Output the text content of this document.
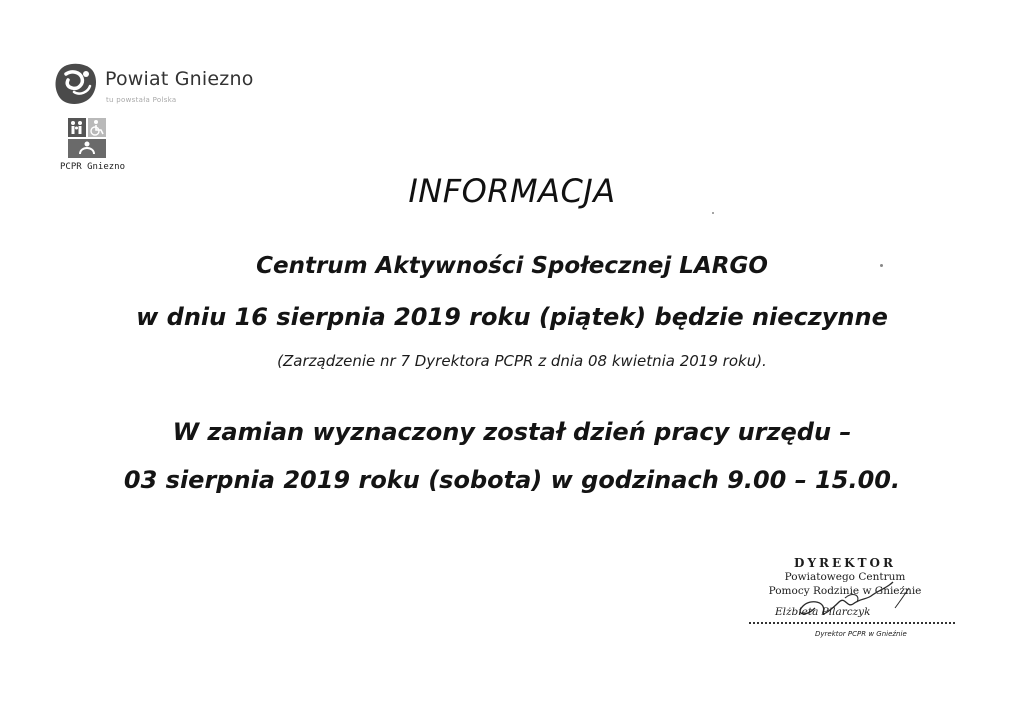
Powiat Gniezno
tu powstała Polska
PCPR Gniezno
INFORMACJA
Centrum Aktywności Społecznej LARGO
w dniu 16 sierpnia 2019 roku (piątek) będzie nieczynne
(Zarządzenie nr 7 Dyrektora PCPR z dnia 08 kwietnia 2019 roku).
W zamian wyznaczony został dzień pracy urzędu –
03 sierpnia 2019 roku (sobota) w godzinach 9.00 – 15.00.
DYREKTOR
Powiatowego Centrum
Pomocy Rodzinie w Gnieźnie
Elżbieta Pilarczyk
Dyrektor PCPR w Gnieźnie
